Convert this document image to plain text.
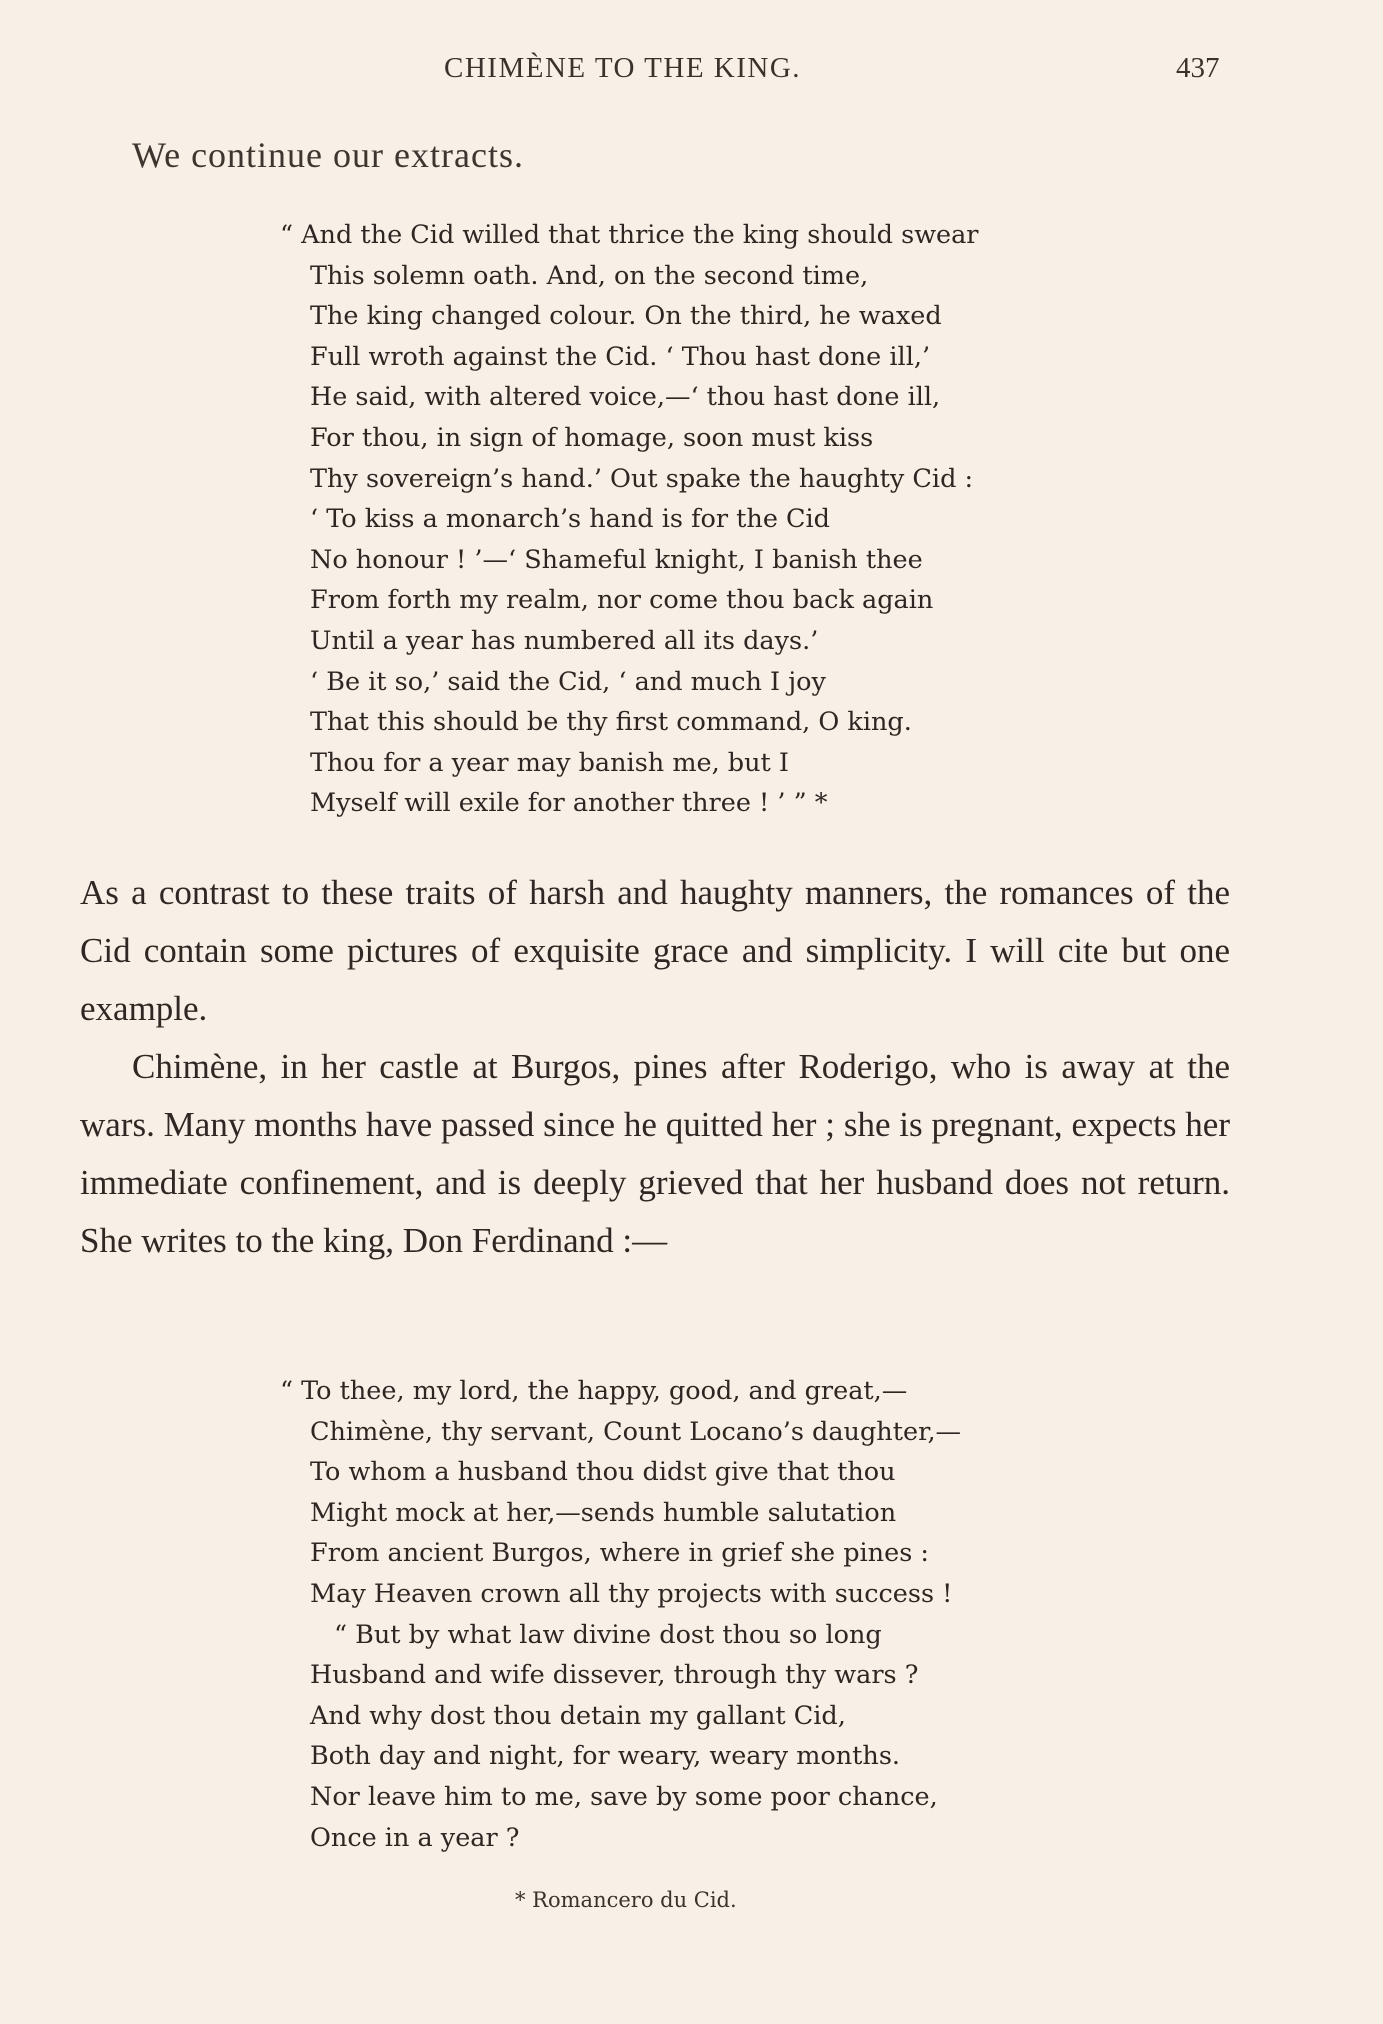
CHIMÈNE TO THE KING.	437
We continue our extracts.
“ And the Cid willed that thrice the king should swear
This solemn oath. And, on the second time,
The king changed colour. On the third, he waxed
Full wroth against the Cid. ‘ Thou hast done ill,’
He said, with altered voice,—‘ thou hast done ill,
For thou, in sign of homage, soon must kiss
Thy sovereign’s hand.’ Out spake the haughty Cid :
‘ To kiss a monarch’s hand is for the Cid
No honour ! ’—‘ Shameful knight, I banish thee
From forth my realm, nor come thou back again
Until a year has numbered all its days.’
‘ Be it so,’ said the Cid, ‘ and much I joy
That this should be thy first command, O king.
Thou for a year may banish me, but I
Myself will exile for another three ! ’ ” *

As a contrast to these traits of harsh and haughty manners, the romances of the Cid contain some pictures of exquisite grace and simplicity. I will cite but one example.

Chimène, in her castle at Burgos, pines after Roderigo, who is away at the wars. Many months have passed since he quitted her ; she is pregnant, expects her immediate confinement, and is deeply grieved that her husband does not return. She writes to the king, Don Ferdinand :—

“ To thee, my lord, the happy, good, and great,—
Chimène, thy servant, Count Locano’s daughter,—
To whom a husband thou didst give that thou
Might mock at her,—sends humble salutation
From ancient Burgos, where in grief she pines :
May Heaven crown all thy projects with success !
“ But by what law divine dost thou so long
Husband and wife dissever, through thy wars ?
And why dost thou detain my gallant Cid,
Both day and night, for weary, weary months.
Nor leave him to me, save by some poor chance,
Once in a year ?
* Romancero du Cid.
